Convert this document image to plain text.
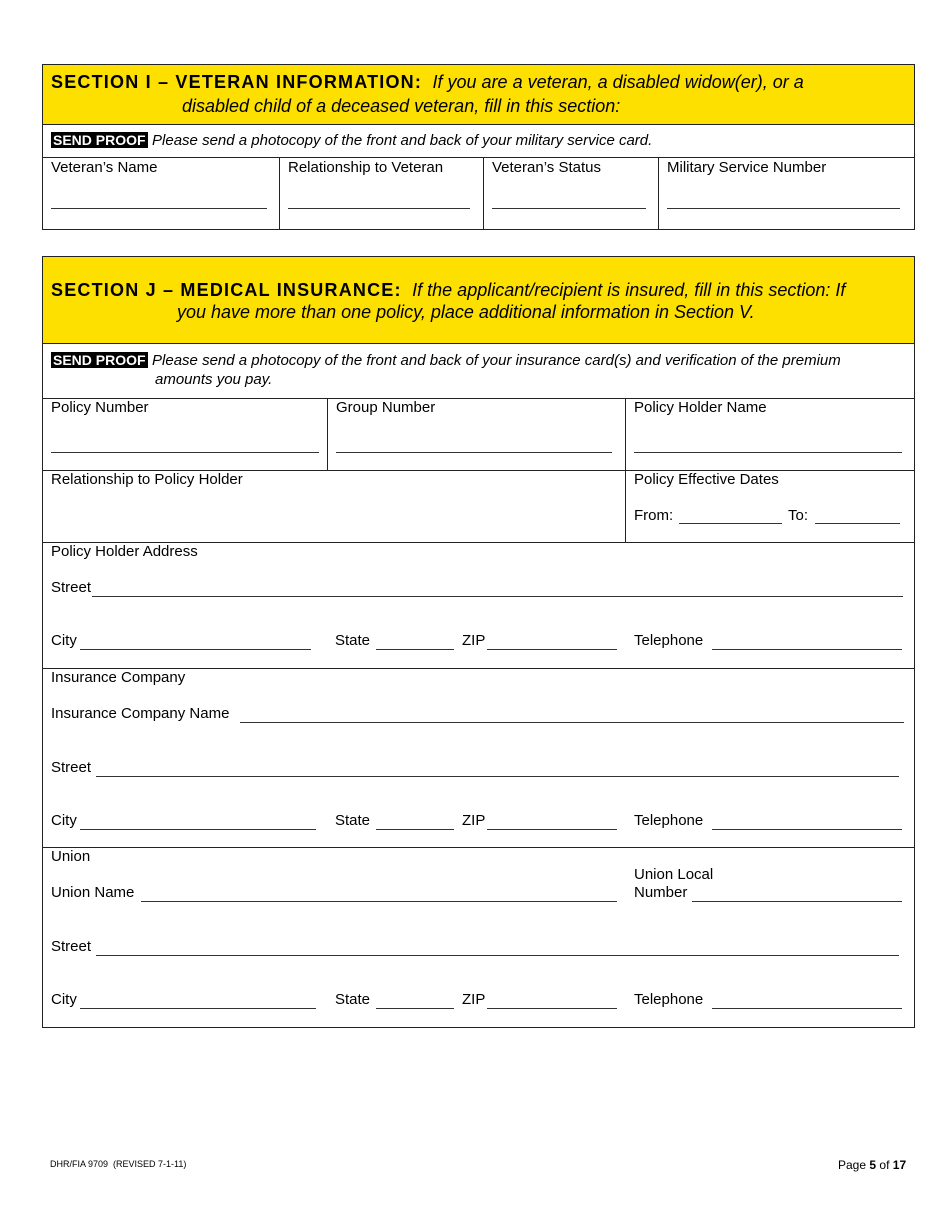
SECTION I – VETERAN INFORMATION: If you are a veteran, a disabled widow(er), or a
disabled child of a deceased veteran, fill in this section:
SEND PROOF Please send a photocopy of the front and back of your military service card.
Veteran’s Name	Relationship to Veteran	Veteran’s Status	Military Service Number
SECTION J – MEDICAL INSURANCE: If the applicant/recipient is insured, fill in this section: If
you have more than one policy, place additional information in Section V.
SEND PROOF Please send a photocopy of the front and back of your insurance card(s) and verification of the premium
amounts you pay.
Policy Number	Group Number	Policy Holder Name
Relationship to Policy Holder	Policy Effective Dates
From:	To:
Policy Holder Address
Street
City	State	ZIP	Telephone
Insurance Company
Insurance Company Name
Street
City	State	ZIP	Telephone
Union
Union Name
Union Local
Number
Street
City	State	ZIP	Telephone
DHR/FIA 9709  (REVISED 7-1-11)	Page 5 of 17
